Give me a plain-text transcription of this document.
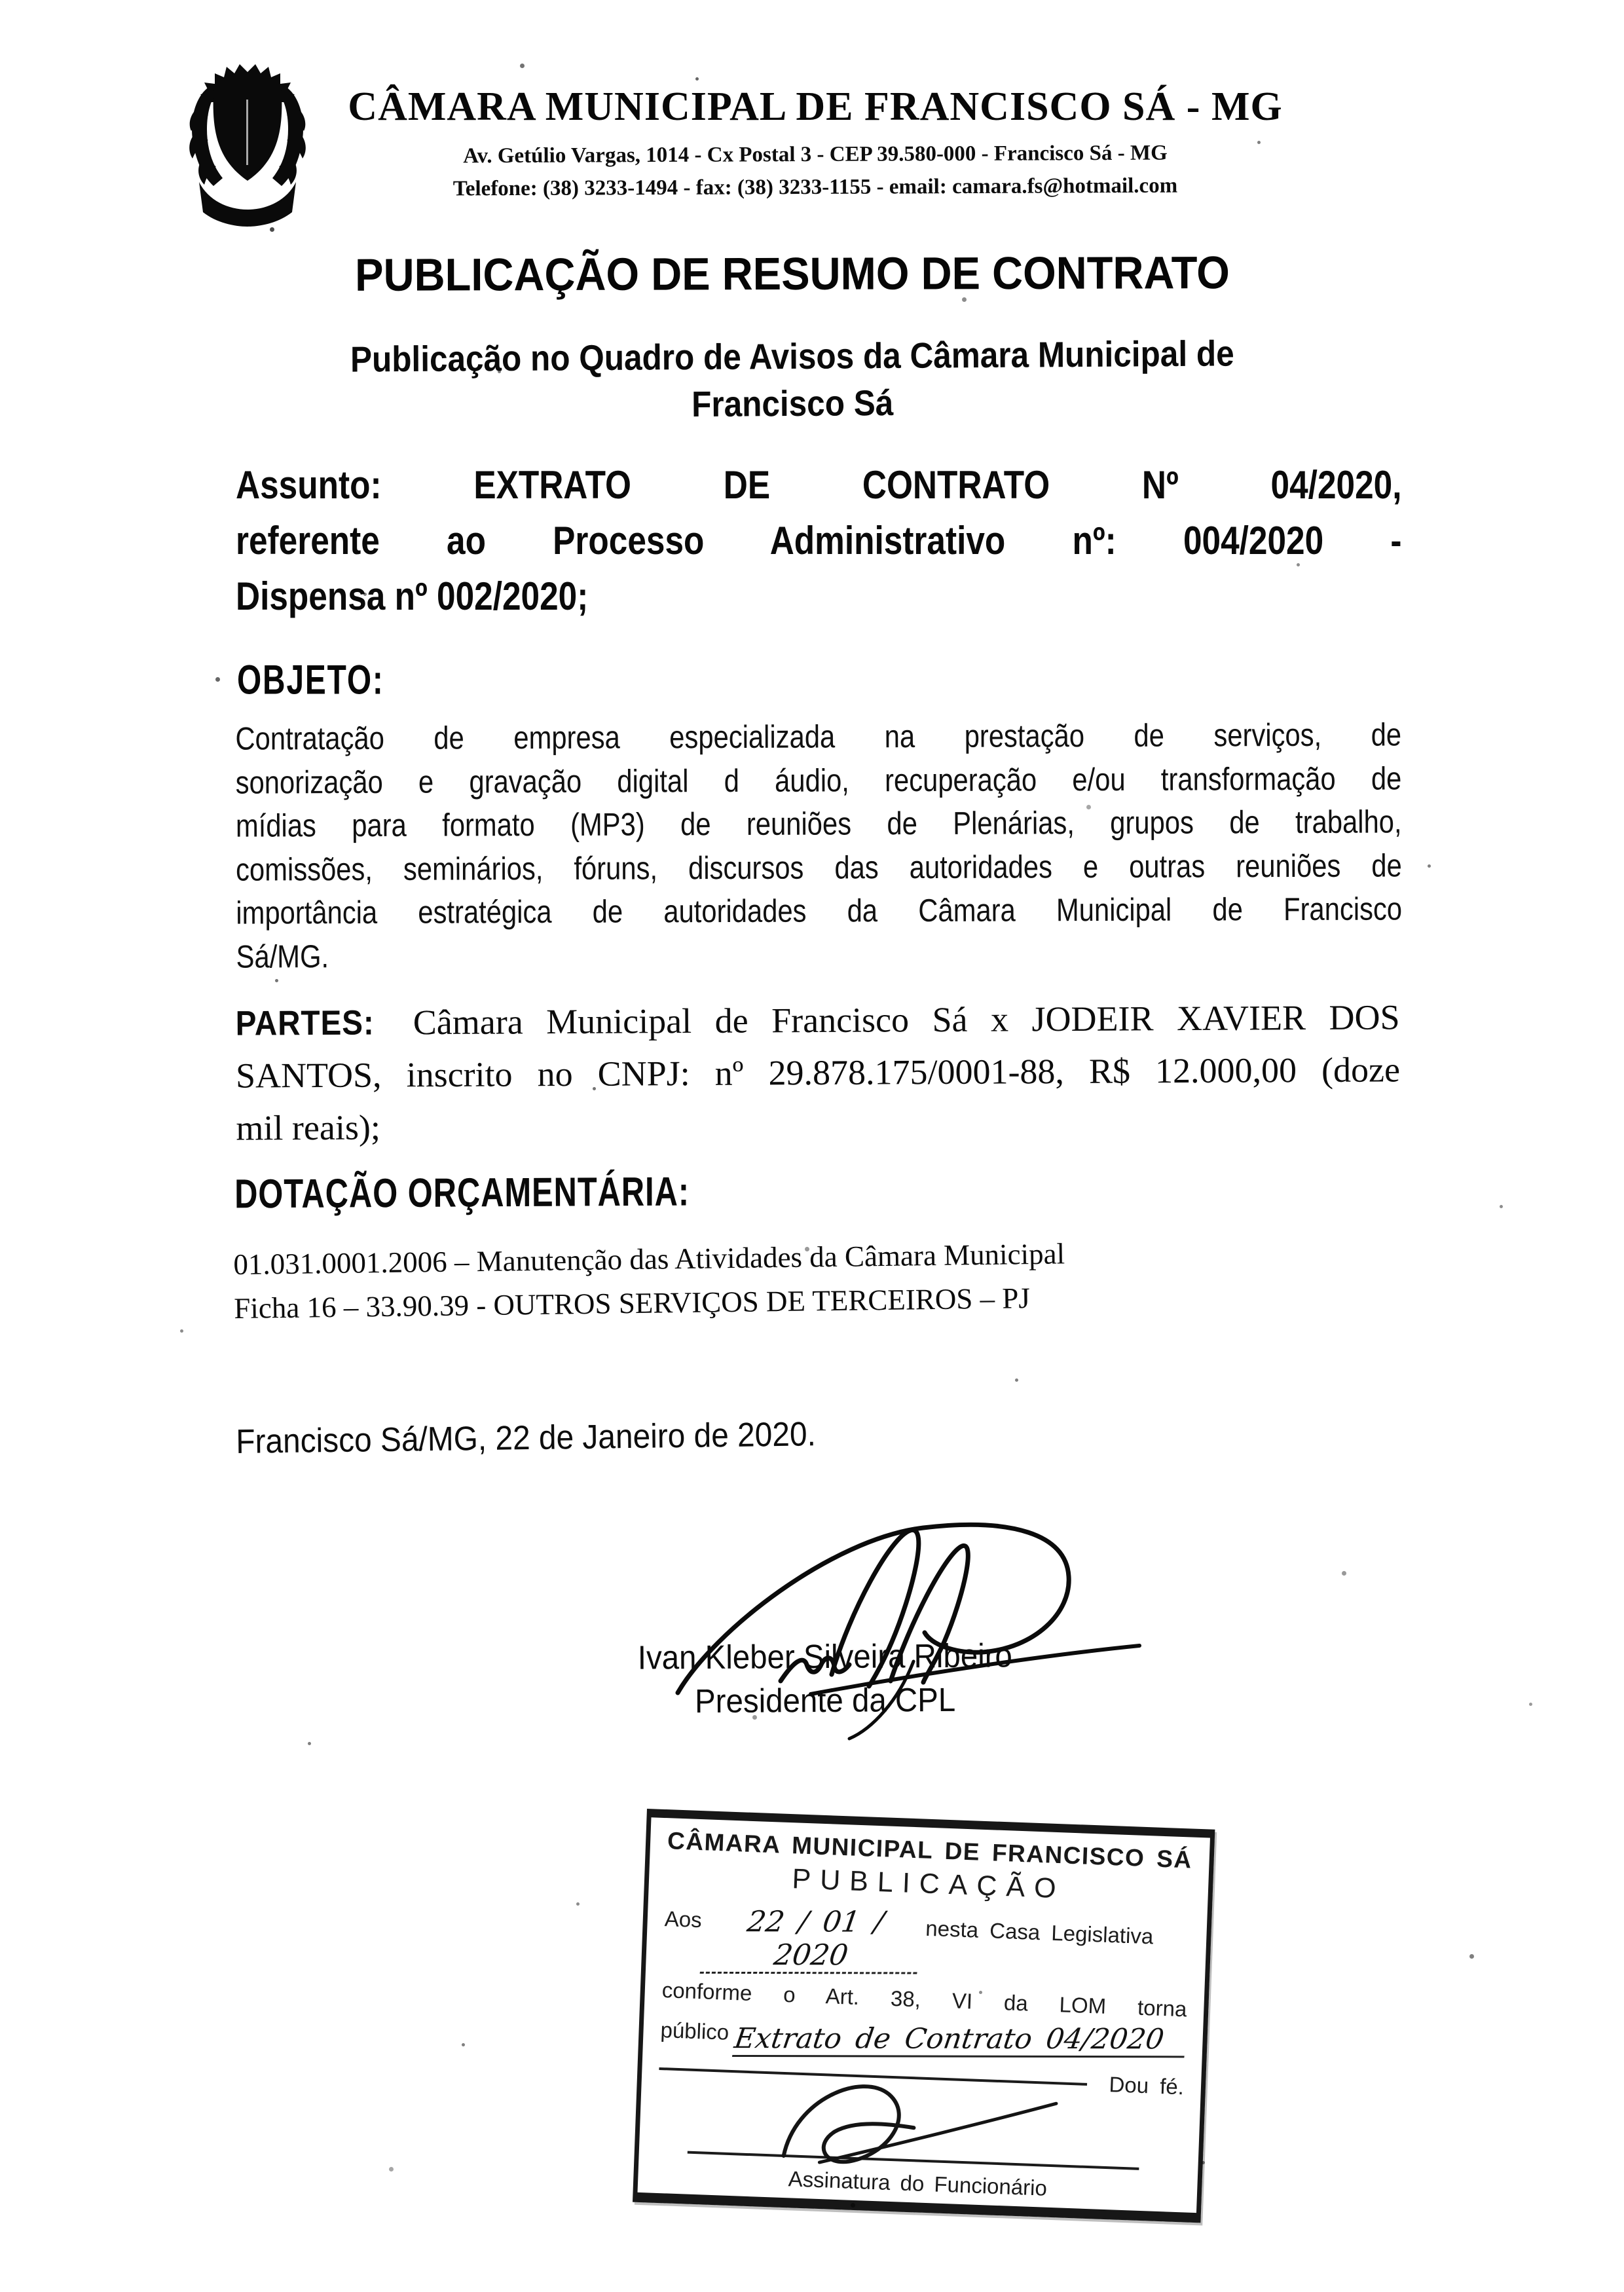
CÂMARA MUNICIPAL DE FRANCISCO SÁ - MG
Av. Getúlio Vargas, 1014 - Cx Postal 3 - CEP 39.580-000 - Francisco Sá - MG
Telefone: (38) 3233-1494 - fax: (38) 3233-1155 - email: camara.fs@hotmail.com
PUBLICAÇÃO DE RESUMO DE CONTRATO
Publicação no Quadro de Avisos da Câmara Municipal de
Francisco Sá
Assunto: EXTRATO DE CONTRATO Nº 04/2020,
referente ao Processo Administrativo nº: 004/2020 -
Dispensa nº 002/2020;
OBJETO:
Contratação de empresa especializada na prestação de serviços, de
sonorização e gravação digital d áudio, recuperação e/ou transformação de
mídias para formato (MP3) de reuniões de Plenárias, grupos de trabalho,
comissões, seminários, fóruns, discursos das autoridades e outras reuniões de
importância estratégica de autoridades da Câmara Municipal de Francisco
Sá/MG.
PARTES: Câmara Municipal de Francisco Sá x JODEIR XAVIER DOS
SANTOS, inscrito no CNPJ: nº 29.878.175/0001-88, R$ 12.000,00 (doze
mil reais);
DOTAÇÃO ORÇAMENTÁRIA:
01.031.0001.2006 – Manutenção das Atividades da Câmara Municipal
Ficha 16 – 33.90.39 - OUTROS SERVIÇOS DE TERCEIROS – PJ
Francisco Sá/MG, 22 de Janeiro de 2020.
Ivan Kleber Silveira Ribeiro
Presidente da CPL
CÂMARA MUNICIPAL DE FRANCISCO SÁ
PUBLICAÇÃO
Aos	22 / 01 / 2020
nesta Casa Legislativa
conforme o Art. 38, VI da LOM torna
público Extrato de Contrato 04/2020
Dou fé.
Assinatura do Funcionário
